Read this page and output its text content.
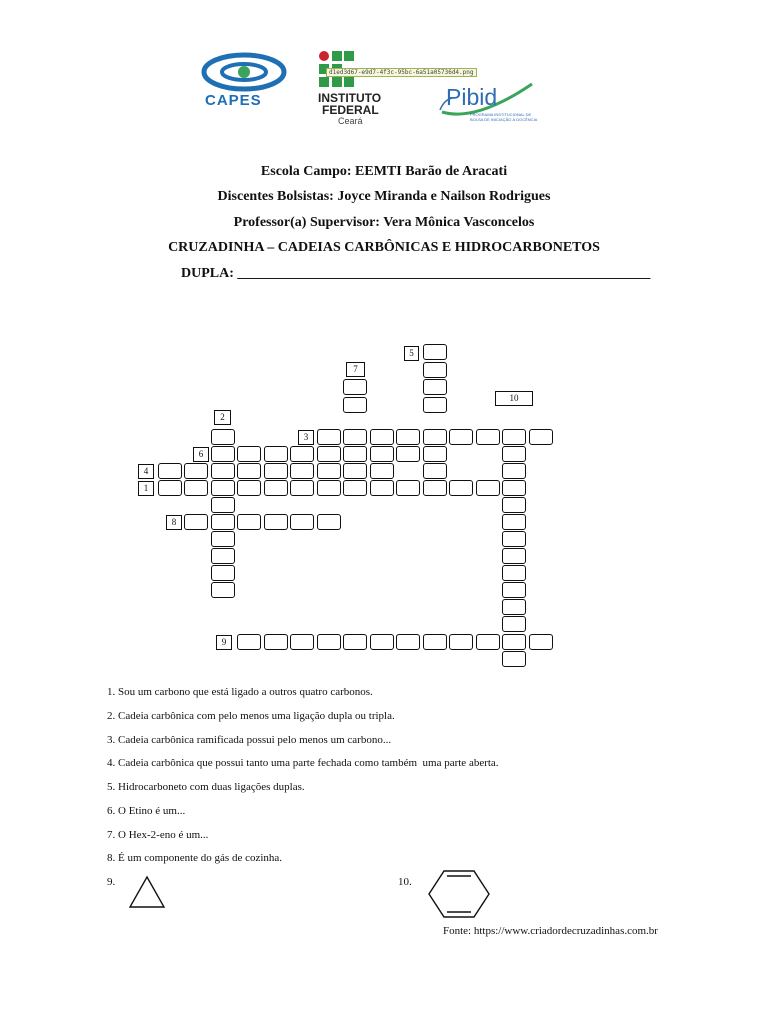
CAPES
d1ed3d67-e9d7-4f3c-95bc-6a51a05736d4.png
INSTITUTO
FEDERAL
Ceará
Pibid
PROGRAMA INSTITUCIONAL DE
BOLSA DE INICIAÇÃO À DOCÊNCIA
Escola Campo: EEMTI Barão de Aracati
Discentes Bolsistas: Joyce Miranda e Nailson Rodrigues
Professor(a) Supervisor: Vera Mônica Vasconcelos
CRUZADINHA – CADEIAS CARBÔNICAS E HIDROCARBONETOS
DUPLA: ___________________________________________________________
5
7
10
2
3
6
4
1
8
9
1. Sou um carbono que está ligado a outros quatro carbonos.
2. Cadeia carbônica com pelo menos uma ligação dupla ou tripla.
3. Cadeia carbônica ramificada possui pelo menos um carbono...
4. Cadeia carbônica que possui tanto uma parte fechada como também  uma parte aberta.
5. Hidrocarboneto com duas ligações duplas.
6. O Etino é um...
7. O Hex-2-eno é um...
8. É um componente do gás de cozinha.
9.	10.
Fonte: https://www.criadordecruzadinhas.com.br
